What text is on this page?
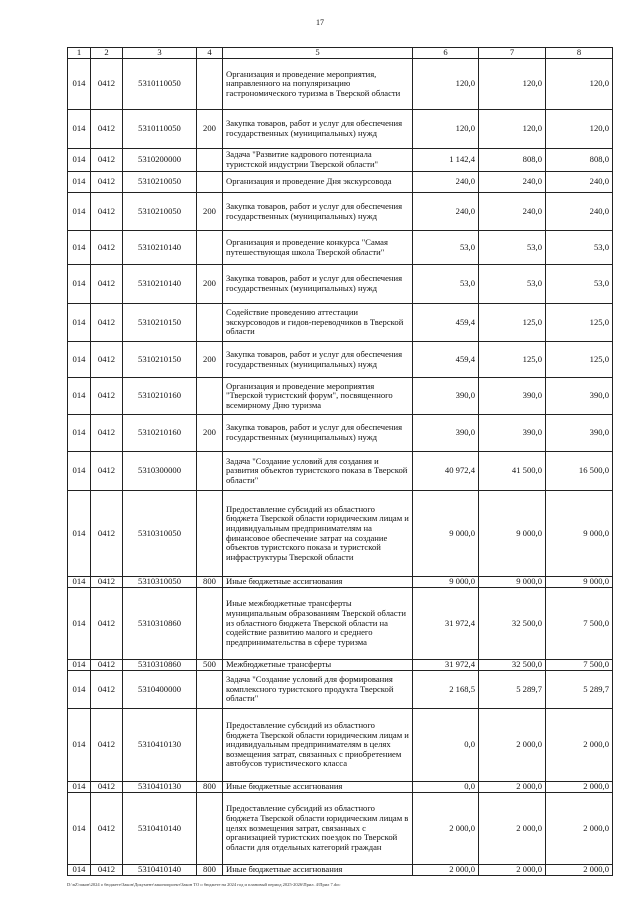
17
1	2	3	4	5	6	7	8
014	0412	5310110050		Организация и проведение мероприятия, направленного на популяризацию гастрономического туризма в Тверской области	120,0	120,0	120,0
014	0412	5310110050	200	Закупка товаров, работ и услуг для обеспечения государственных (муниципальных) нужд	120,0	120,0	120,0
014	0412	5310200000		Задача "Развитие кадрового потенциала туристской индустрии Тверской области"	1 142,4	808,0	808,0
014	0412	5310210050		Организация и проведение Дня экскурсовода	240,0	240,0	240,0
014	0412	5310210050	200	Закупка товаров, работ и услуг для обеспечения государственных (муниципальных) нужд	240,0	240,0	240,0
014	0412	5310210140		Организация и проведение конкурса "Самая путешествующая школа Тверской области"	53,0	53,0	53,0
014	0412	5310210140	200	Закупка товаров, работ и услуг для обеспечения государственных (муниципальных) нужд	53,0	53,0	53,0
014	0412	5310210150		Содействие проведению аттестации экскурсоводов и гидов-переводчиков в Тверской области	459,4	125,0	125,0
014	0412	5310210150	200	Закупка товаров, работ и услуг для обеспечения государственных (муниципальных) нужд	459,4	125,0	125,0
014	0412	5310210160		Организация и проведение мероприятия "Тверской туристский форум", посвященного всемирному Дню туризма	390,0	390,0	390,0
014	0412	5310210160	200	Закупка товаров, работ и услуг для обеспечения государственных (муниципальных) нужд	390,0	390,0	390,0
014	0412	5310300000		Задача "Создание условий для создания и развития объектов туристского показа в Тверской области"	40 972,4	41 500,0	16 500,0
014	0412	5310310050		Предоставление субсидий из областного бюджета Тверской области юридическим лицам и индивидуальным предпринимателям на финансовое обеспечение затрат на создание объектов туристского показа и туристской инфраструктуры Тверской области	9 000,0	9 000,0	9 000,0
014	0412	5310310050	800	Иные бюджетные ассигнования	9 000,0	9 000,0	9 000,0
014	0412	5310310860		Иные межбюджетные трансферты муниципальным образованиям Тверской области из областного бюджета Тверской области на содействие развитию малого и среднего предпринимательства в сфере туризма	31 972,4	32 500,0	7 500,0
014	0412	5310310860	500	Межбюджетные трансферты	31 972,4	32 500,0	7 500,0
014	0412	5310400000		Задача "Создание условий для формирования комплексного туристского продукта Тверской области"	2 168,5	5 289,7	5 289,7
014	0412	5310410130		Предоставление субсидий из областного бюджета Тверской области юридическим лицам и индивидуальным предпринимателям в целях возмещения затрат, связанных с приобретением автобусов туристического класса	0,0	2 000,0	2 000,0
014	0412	5310410130	800	Иные бюджетные ассигнования	0,0	2 000,0	2 000,0
014	0412	5310410140		Предоставление субсидий из областного бюджета Тверской области юридическим лицам в целях возмещения затрат, связанных с организацией туристских поездок по Тверской области для отдельных категорий граждан	2 000,0	2 000,0	2 000,0
014	0412	5310410140	800	Иные бюджетные ассигнования	2 000,0	2 000,0	2 000,0
D:\nZ\закон\2024 о бюджете\Закон\Документ\законопроект\Закон ТО о бюджете на 2024 год и плановый период 2025-2026\Прил. 4\Прил 7.doc
